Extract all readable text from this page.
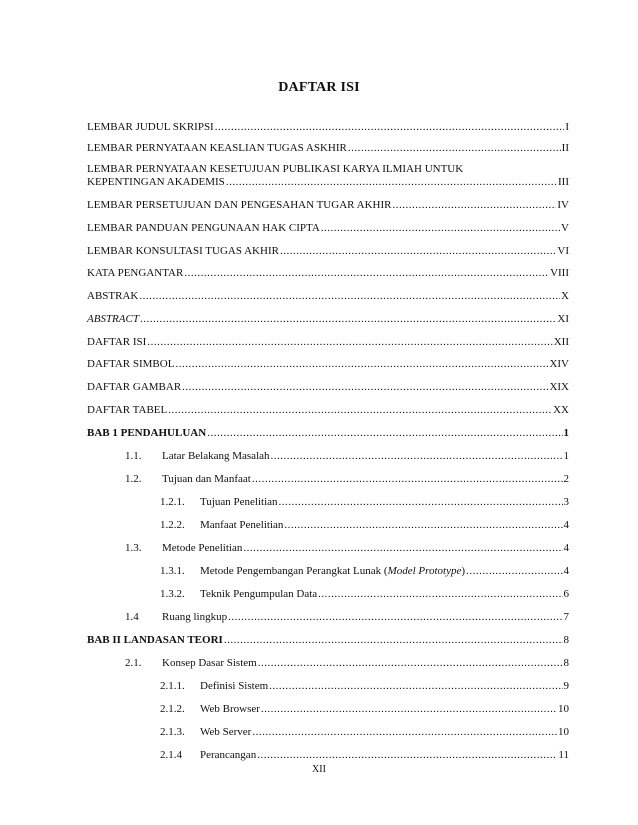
DAFTAR ISI
LEMBAR JUDUL SKRIPSI .....	I
LEMBAR PERNYATAAN KEASLIAN TUGAS ASKHIR .....	II
LEMBAR PERNYATAAN KESETUJUAN PUBLIKASI KARYA ILMIAH UNTUK
KEPENTINGAN AKADEMIS .....	III
LEMBAR PERSETUJUAN DAN PENGESAHAN TUGAR AKHIR .....	IV
LEMBAR PANDUAN PENGUNAAN HAK CIPTA .....	V
LEMBAR KONSULTASI TUGAS AKHIR .....	VI
KATA PENGANTAR .....	VIII
ABSTRAK .....	X
ABSTRACT .....	XI
DAFTAR ISI .....	XII
DAFTAR SIMBOL .....	XIV
DAFTAR GAMBAR .....	XIX
DAFTAR TABEL .....	XX
BAB 1 PENDAHULUAN .....	1
1.1.	Latar Belakang Masalah .....	1
1.2.	Tujuan dan Manfaat .....	2
1.2.1.	Tujuan Penelitian .....	3
1.2.2.	Manfaat Penelitian .....	4
1.3.	Metode Penelitian .....	4
1.3.1.	Metode Pengembangan Perangkat Lunak (Model Prototype) .....	4
1.3.2.	Teknik Pengumpulan Data .....	6
1.4	Ruang lingkup .....	7
BAB II LANDASAN TEORI .....	8
2.1.	Konsep Dasar Sistem .....	8
2.1.1.	Definisi Sistem .....	9
2.1.2.	Web Browser .....	10
2.1.3.	Web Server .....	10
2.1.4	Perancangan .....	11
XII
